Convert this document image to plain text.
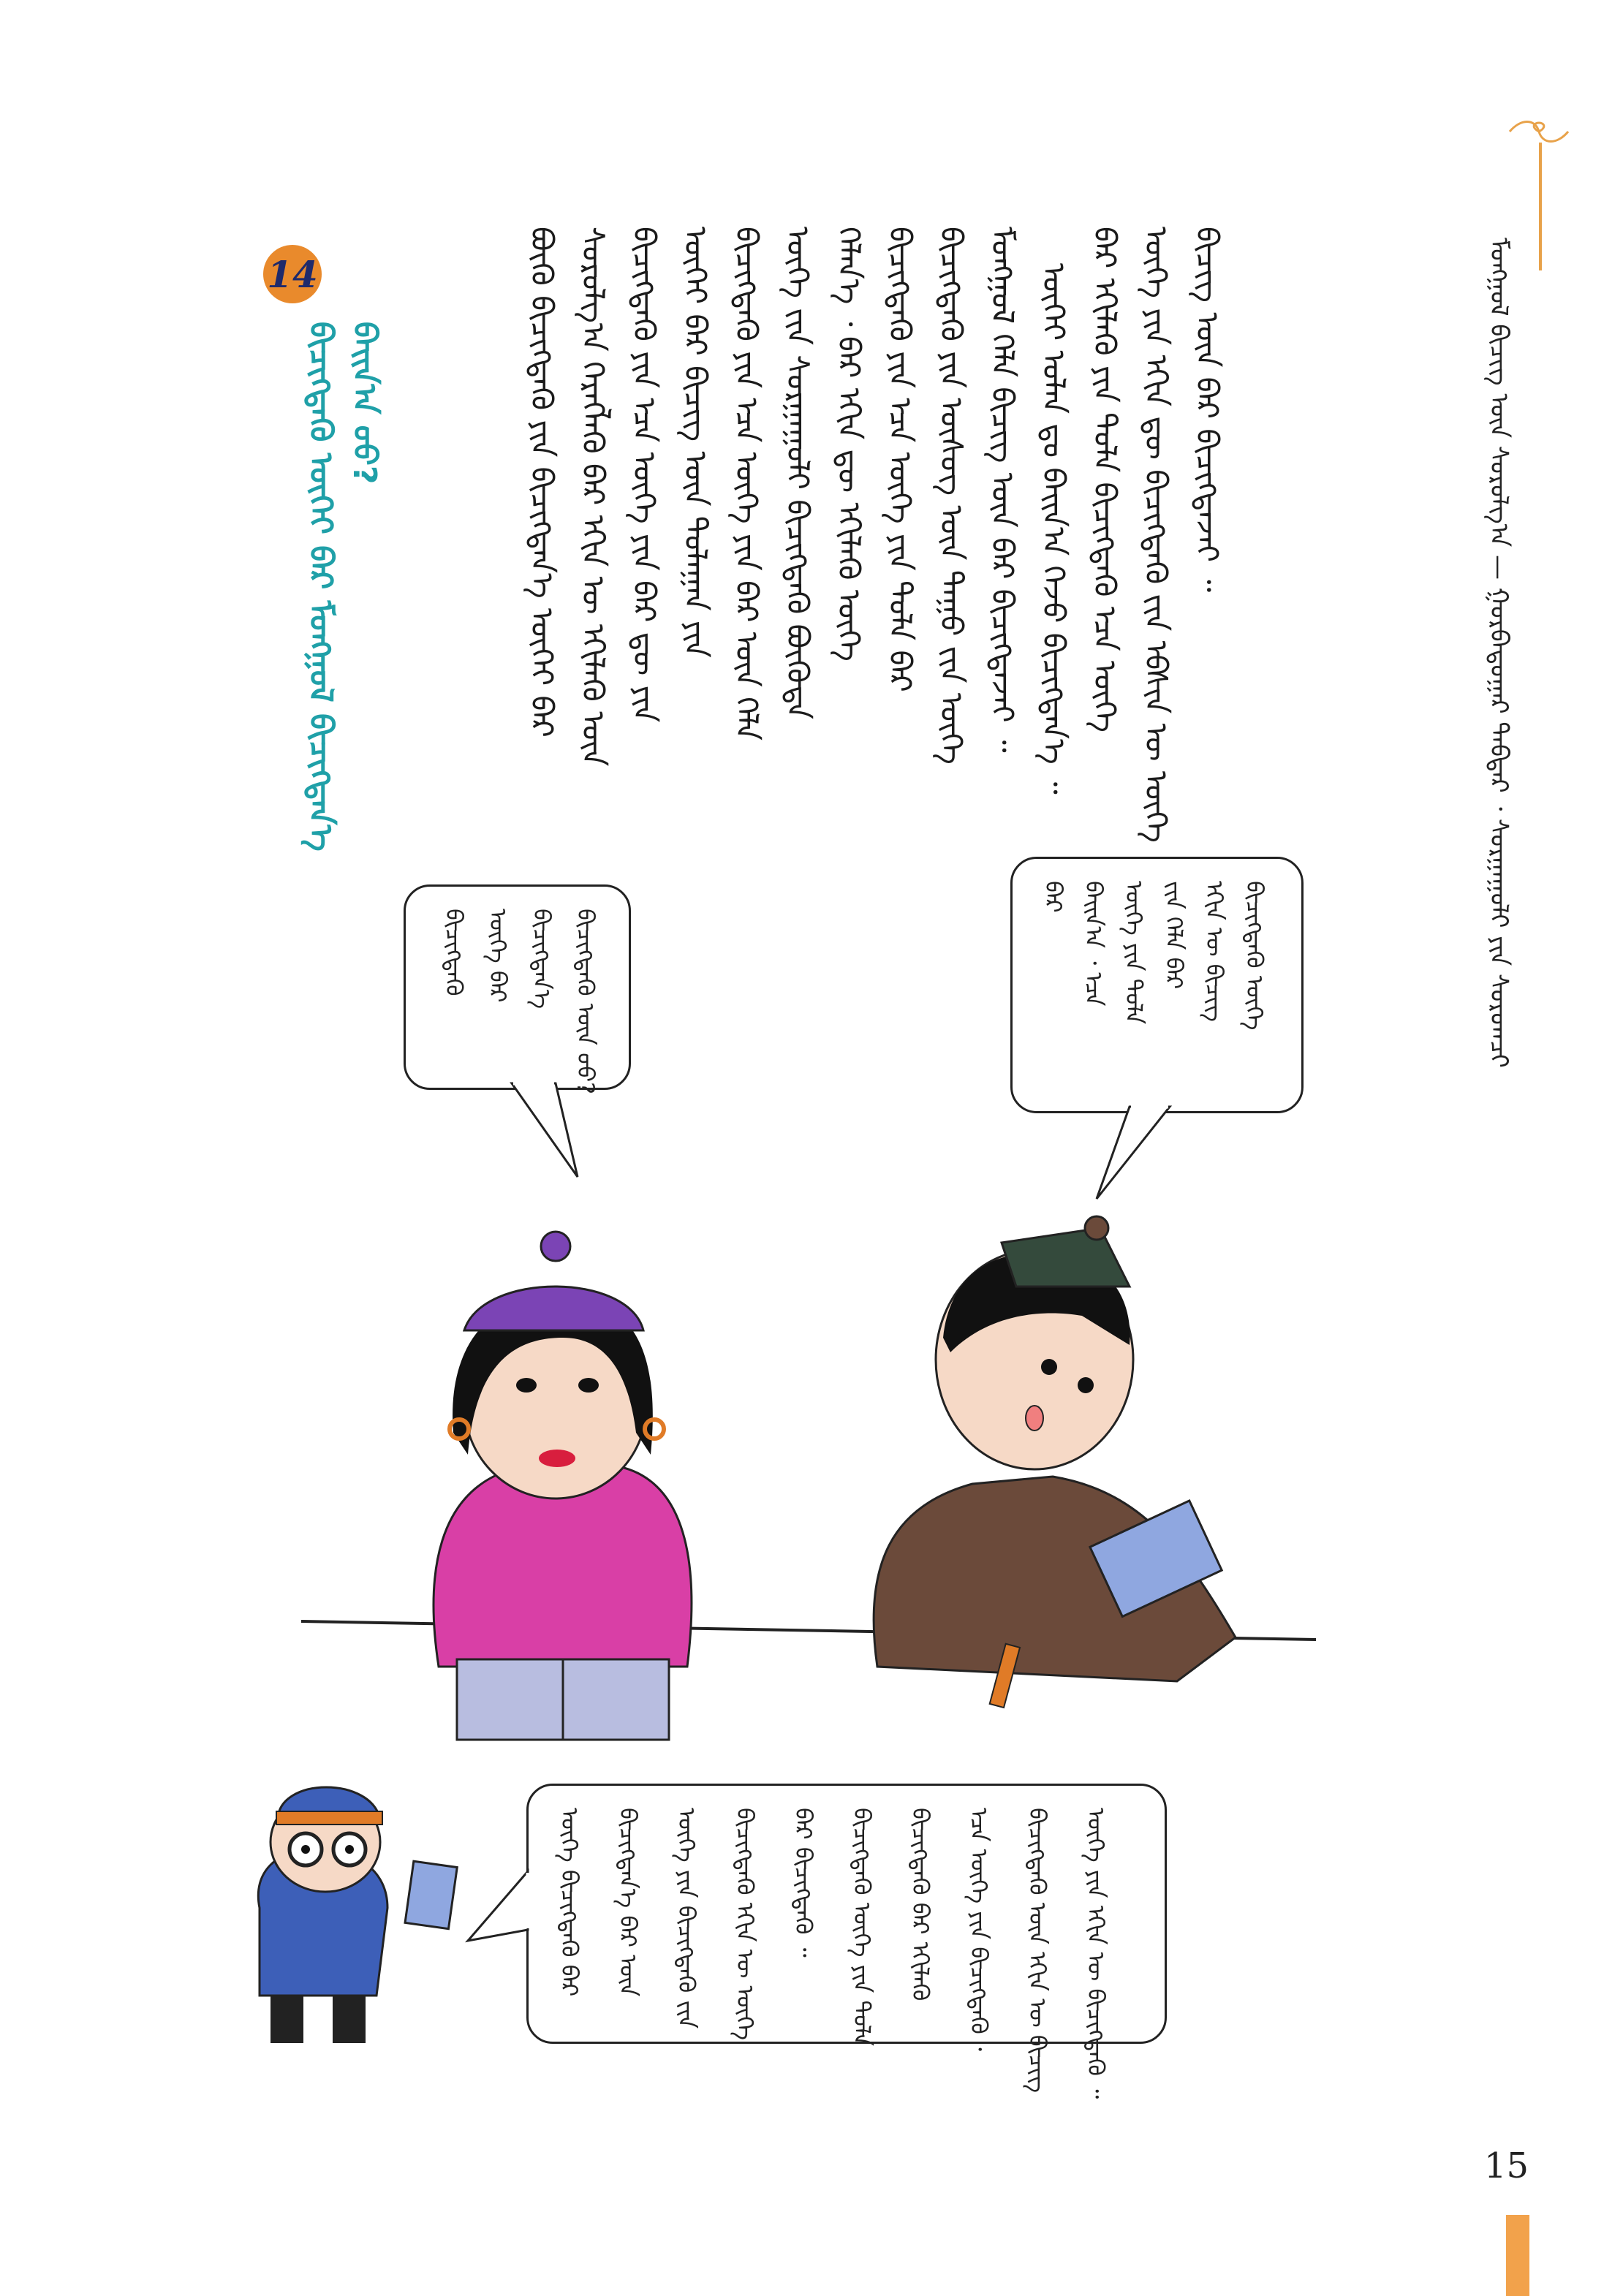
ᠮᠣᠩᠭᠣᠯ ᠪᠢᠴᠢᠭ᠌ ᠦᠨ ᠰᠤᠷᠤᠯᠭ᠎ᠠ — ᠭᠤᠷᠪᠠᠳᠤᠭᠠᠷ ᠳᠡᠪᠲᠡᠷ ᠂ ᠰᠤᠷᠭᠠᠭᠤᠯᠢ ᠶᠢᠨ ᠰᠤᠷᠤᠭᠴᠢ
ᠪᠢᠴᠢᠭ ᠦᠨ ᠪᠠᠷ ᠪᠢᠴᠢᠭᠳᠡᠵᠡᠢ ᠃
ᠦᠭᠡ ᠶᠢᠨ ᠡᠬᠢᠨ ᠳᠦ ᠪᠢᠴᠢᠭᠳᠡᠬᠦ ᠵᠢᠨ ᠡᠪᠰᠢᠨ ᠦ ᠦᠭᠡ
ᠪᠠᠷ ᠡᠬᠢᠯᠡᠬᠦ ᠶᠢᠨ ᠲᠤᠯᠠ ᠪᠢᠴᠢᠭᠳᠡᠬᠦ ᠡᠴᠡ ᠦᠭᠡ
ᠦᠭᠡᠢ ᠤᠯᠠᠨ ᠳᠤ ᠪᠠᠢᠨ᠎ᠠ ᠭᠡᠵᠦ ᠪᠢᠴᠢᠭᠳᠡᠨ᠎ᠡ ᠃
ᠮᠣᠩᠭᠣᠯ ᠬᠡᠯᠡ ᠪᠢᠴᠢᠭ ᠦᠨ ᠪᠠᠷ ᠪᠢᠴᠢᠭᠳᠡᠵᠡᠢ ᠃
ᠪᠢᠴᠢᠭᠳᠡᠬᠦ ᠶᠢᠨ ᠦᠰᠦᠭ ᠦᠨ ᠳᠠᠭᠤ ᠵᠢᠨ ᠦᠭᠡ
ᠪᠢᠴᠢᠭᠳᠡᠬᠦ ᠶᠢᠨ ᠡᠴᠡ ᠦᠭᠡ ᠶᠢᠨ ᠲᠤᠯᠠ ᠪᠠᠷ
ᠬᠡᠯᠡᠨ᠎ᠡ ᠂ ᠪᠠᠷ ᠡᠬᠢᠨ ᠳᠦ ᠡᠬᠢᠯᠡᠬᠦ ᠦᠭᠡ
ᠦᠭᠡ ᠵᠢᠨ ᠰᠤᠷᠭᠠᠭᠤᠯᠢ ᠪᠢᠴᠢᠭᠳᠡᠬᠦ ᠪᠦᠭᠦᠳᠡ
ᠪᠢᠴᠢᠭᠳᠡᠬᠦ ᠶᠢᠨ ᠡᠴᠡ ᠦᠭᠡ ᠶᠢᠨ ᠪᠠᠷ ᠦᠨ ᠬᠡᠯᠡ
ᠦᠭᠡᠢ ᠪᠠᠷ ᠪᠢᠴᠢᠭ ᠦᠨ ᠳᠤᠯᠠᠭᠠᠨ ᠶᠢᠨ
ᠪᠢᠴᠢᠭᠳᠡᠬᠦ ᠶᠢᠨ ᠡᠴᠡ ᠦᠭᠡ ᠶᠢᠨ ᠪᠠᠷ ᠳᠦ ᠶᠢᠨ
ᠰᠤᠷᠤᠯᠭ᠎ᠠ ᠬᠡᠷᠡᠭᠯᠡᠬᠦ ᠪᠠᠷ ᠡᠬᠢᠨ ᠦ ᠡᠬᠢᠯᠡᠬᠦ ᠦᠨ
ᠪᠦᠬᠦ ᠪᠢᠴᠢᠭᠳᠡᠬᠦ ᠶᠢᠨ ᠪᠢᠴᠢᠭᠳᠡᠨ᠎ᠡ ᠦᠭᠡᠢ ᠪᠠᠷ
14
ᠪᠢᠴᠢᠭᠳᠡᠬᠦ ᠦᠭᠡᠢ ᠪᠠᠷ ᠮᠣᠩᠭᠣᠯ ᠪᠢᠴᠢᠭᠳᠡᠨ᠎ᠡ ᠪᠠᠢᠨ᠎ᠠ ᠤᠤ?
ᠪᠠᠷ ᠪᠠᠢᠨ᠎ᠠ ᠂ ᠡᠴᠡ ᠦᠭᠡ ᠶᠢᠨ ᠲᠤᠯᠠ ᠵᠢᠨ ᠬᠡᠯᠡ ᠪᠠᠷ ᠡᠬᠢᠨ ᠦ ᠪᠢᠴᠢᠭ ᠪᠢᠴᠢᠭᠳᠡᠬᠦ ᠦᠭᠡ
ᠪᠢᠴᠢᠭᠳᠡᠬᠦ ᠦᠭᠡ ᠪᠠᠷ ᠪᠢᠴᠢᠭᠳᠡᠨ᠎ᠡ ᠪᠢᠴᠢᠭᠳᠡᠬᠦ ᠦᠨ ᠤᠤ?
ᠦᠭᠡ ᠪᠢᠴᠢᠭᠳᠡᠬᠦ ᠪᠠᠷ ᠪᠢᠴᠢᠭᠳᠡᠨ᠎ᠡ ᠪᠠᠷ ᠦᠨ ᠦᠭᠡ ᠶᠢᠨ ᠪᠢᠴᠢᠭᠳᠡᠬᠦ ᠵᠢᠨ ᠪᠢᠴᠢᠭᠳᠡᠬᠦ ᠡᠬᠢᠨ ᠦ ᠦᠭᠡ ᠪᠠᠷ ᠪᠢᠴᠢᠭᠳᠡᠬᠦ ᠃ ᠪᠢᠴᠢᠭᠳᠡᠬᠦ ᠦᠭᠡ ᠶᠢᠨ ᠲᠤᠯᠠ ᠪᠢᠴᠢᠭᠳᠡᠬᠦ ᠪᠠᠷ ᠡᠬᠢᠯᠡᠬᠦ ᠡᠴᠡ ᠦᠭᠡ ᠶᠢᠨ ᠪᠢᠴᠢᠭᠳᠡᠬᠦ ᠂ ᠪᠢᠴᠢᠭᠳᠡᠬᠦ ᠦᠨ ᠡᠬᠢᠨ ᠦ ᠪᠢᠴᠢᠭ ᠦᠭᠡ ᠶᠢᠨ ᠡᠬᠢᠨ ᠦ ᠪᠢᠴᠢᠭᠳᠡᠬᠦ ᠃
15
